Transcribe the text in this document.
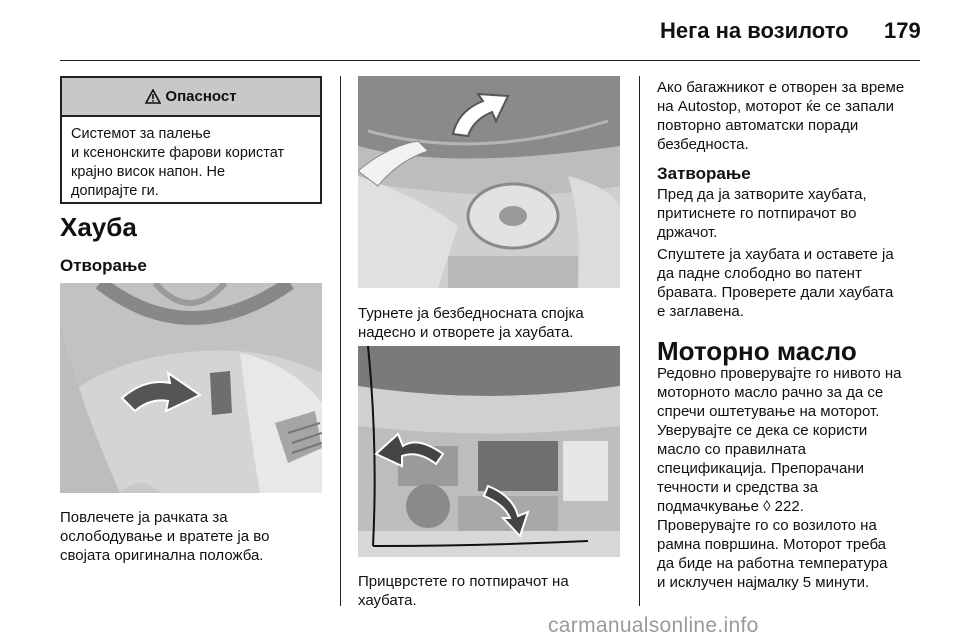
Нега на возилото 179
Опасност
Системот за палење
и ксенонските фарови користат
крајно висок напон. Не
допирајте ги.
Хауба
Отворање
Повлечете ја рачката за
ослободување и вратете ја во
својата оригинална положба.
Турнете ја безбедносната спојка
надесно и отворете ја хаубата.
Прицврстете го потпирачот на
хаубата.
Ако багажникот е отворен за време
на Autostop, моторот ќе се запали
повторно автоматски поради
безбедноста.
Затворање
Пред да ја затворите хаубата,
притиснете го потпирачот во
држачот.
Спуштете ја хаубата и оставете ја
да падне слободно во патент
бравата. Проверете дали хаубата
е заглавена.
Моторно масло
Редовно проверувајте го нивото на
моторното масло рачно за да се
спречи оштетување на моторот.
Уверувајте се дека се користи
масло со правилната
спецификација. Препорачани
течности и средства за
подмачкување ◊ 222.
Проверувајте го со возилото на
рамна површина. Моторот треба
да биде на работна температура
и исклучен најмалку 5 минути.
carmanualsonline.info
